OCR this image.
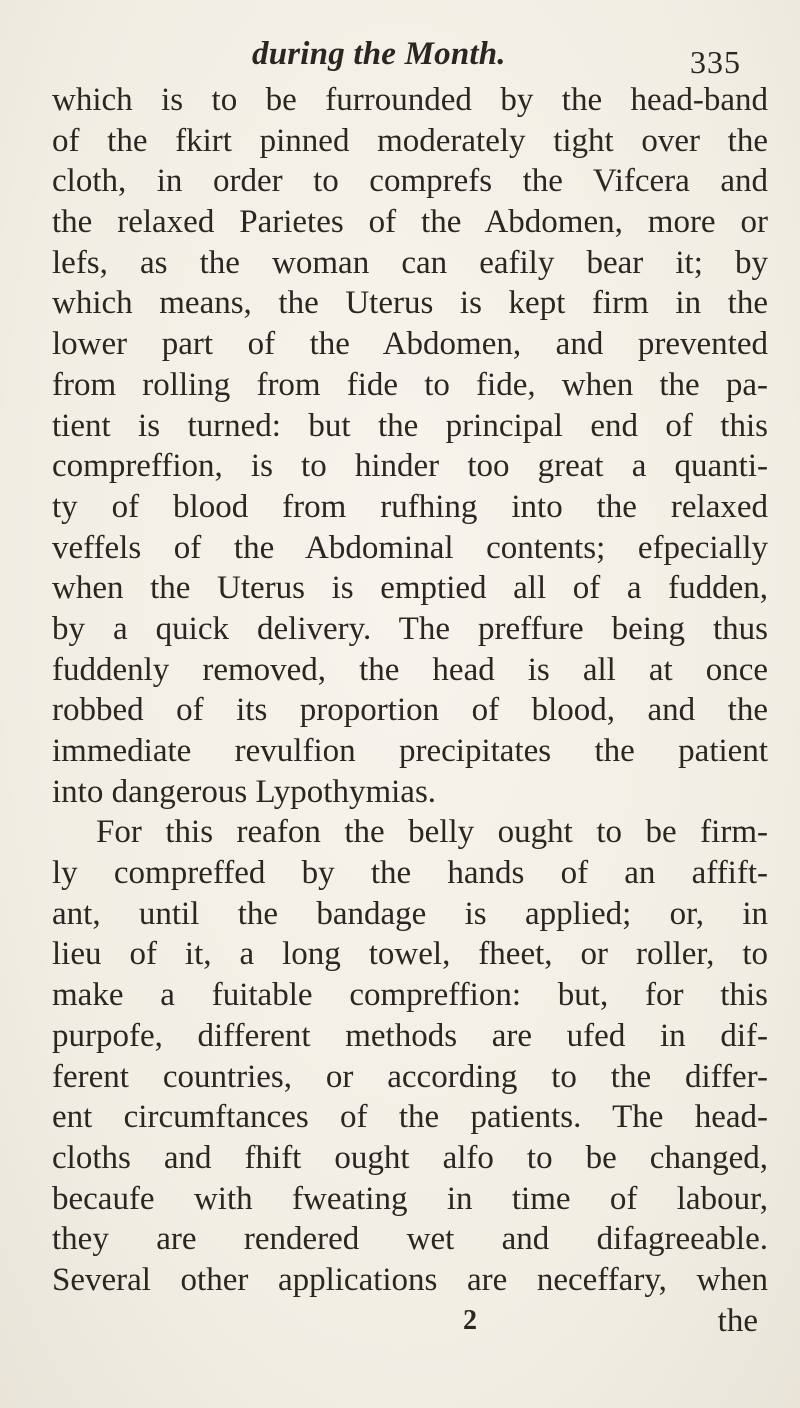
during the Month.	335
which is to be furrounded by the head-band
of the fkirt pinned moderately tight over the
cloth, in order to comprefs the Vifcera and
the relaxed Parietes of the Abdomen, more or
lefs, as the woman can eafily bear it; by
which means, the Uterus is kept firm in the
lower part of the Abdomen, and prevented
from rolling from fide to fide, when the pa-
tient is turned: but the principal end of this
compreffion, is to hinder too great a quanti-
ty of blood from rufhing into the relaxed
veffels of the Abdominal contents; efpecially
when the Uterus is emptied all of a fudden,
by a quick delivery. The preffure being thus
fuddenly removed, the head is all at once
robbed of its proportion of blood, and the
immediate revulfion precipitates the patient
into dangerous Lypothymias.
For this reafon the belly ought to be firm-
ly compreffed by the hands of an affift-
ant, until the bandage is applied; or, in
lieu of it, a long towel, fheet, or roller, to
make a fuitable compreffion: but, for this
purpofe, different methods are ufed in dif-
ferent countries, or according to the differ-
ent circumftances of the patients. The head-
cloths and fhift ought alfo to be changed,
becaufe with fweating in time of labour,
they are rendered wet and difagreeable.
Several other applications are neceffary, when
2	the
